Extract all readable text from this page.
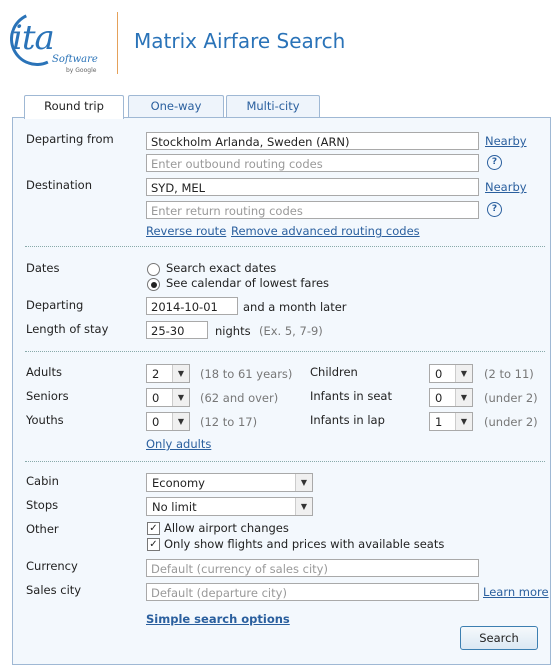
ita
Software
by Google
Matrix Airfare Search
Round trip	One-way	Multi-city
Departing from	Stockholm Arlanda, Sweden (ARN)	Nearby
Enter outbound routing codes	?
Destination	SYD, MEL	Nearby
Enter return routing codes	?
Reverse route Remove advanced routing codes
Dates	Search exact dates
See calendar of lowest fares
Departing	2014-10-01	and a month later
Length of stay	25-30	nights (Ex. 5, 7-9)
Adults	2	▼	(18 to 61 years) Children	0	▼	(2 to 11)
Seniors	0	▼	(62 and over)	Infants in seat	0	▼	(under 2)
Youths	0	▼	(12 to 17)	Infants in lap	1	▼	(under 2)
Only adults
Cabin	Economy	▼
Stops	No limit	▼
Other	✓ Allow airport changes
✓ Only show flights and prices with available seats
Currency	Default (currency of sales city)
Sales city	Default (departure city)	Learn more
Simple search options
Search
